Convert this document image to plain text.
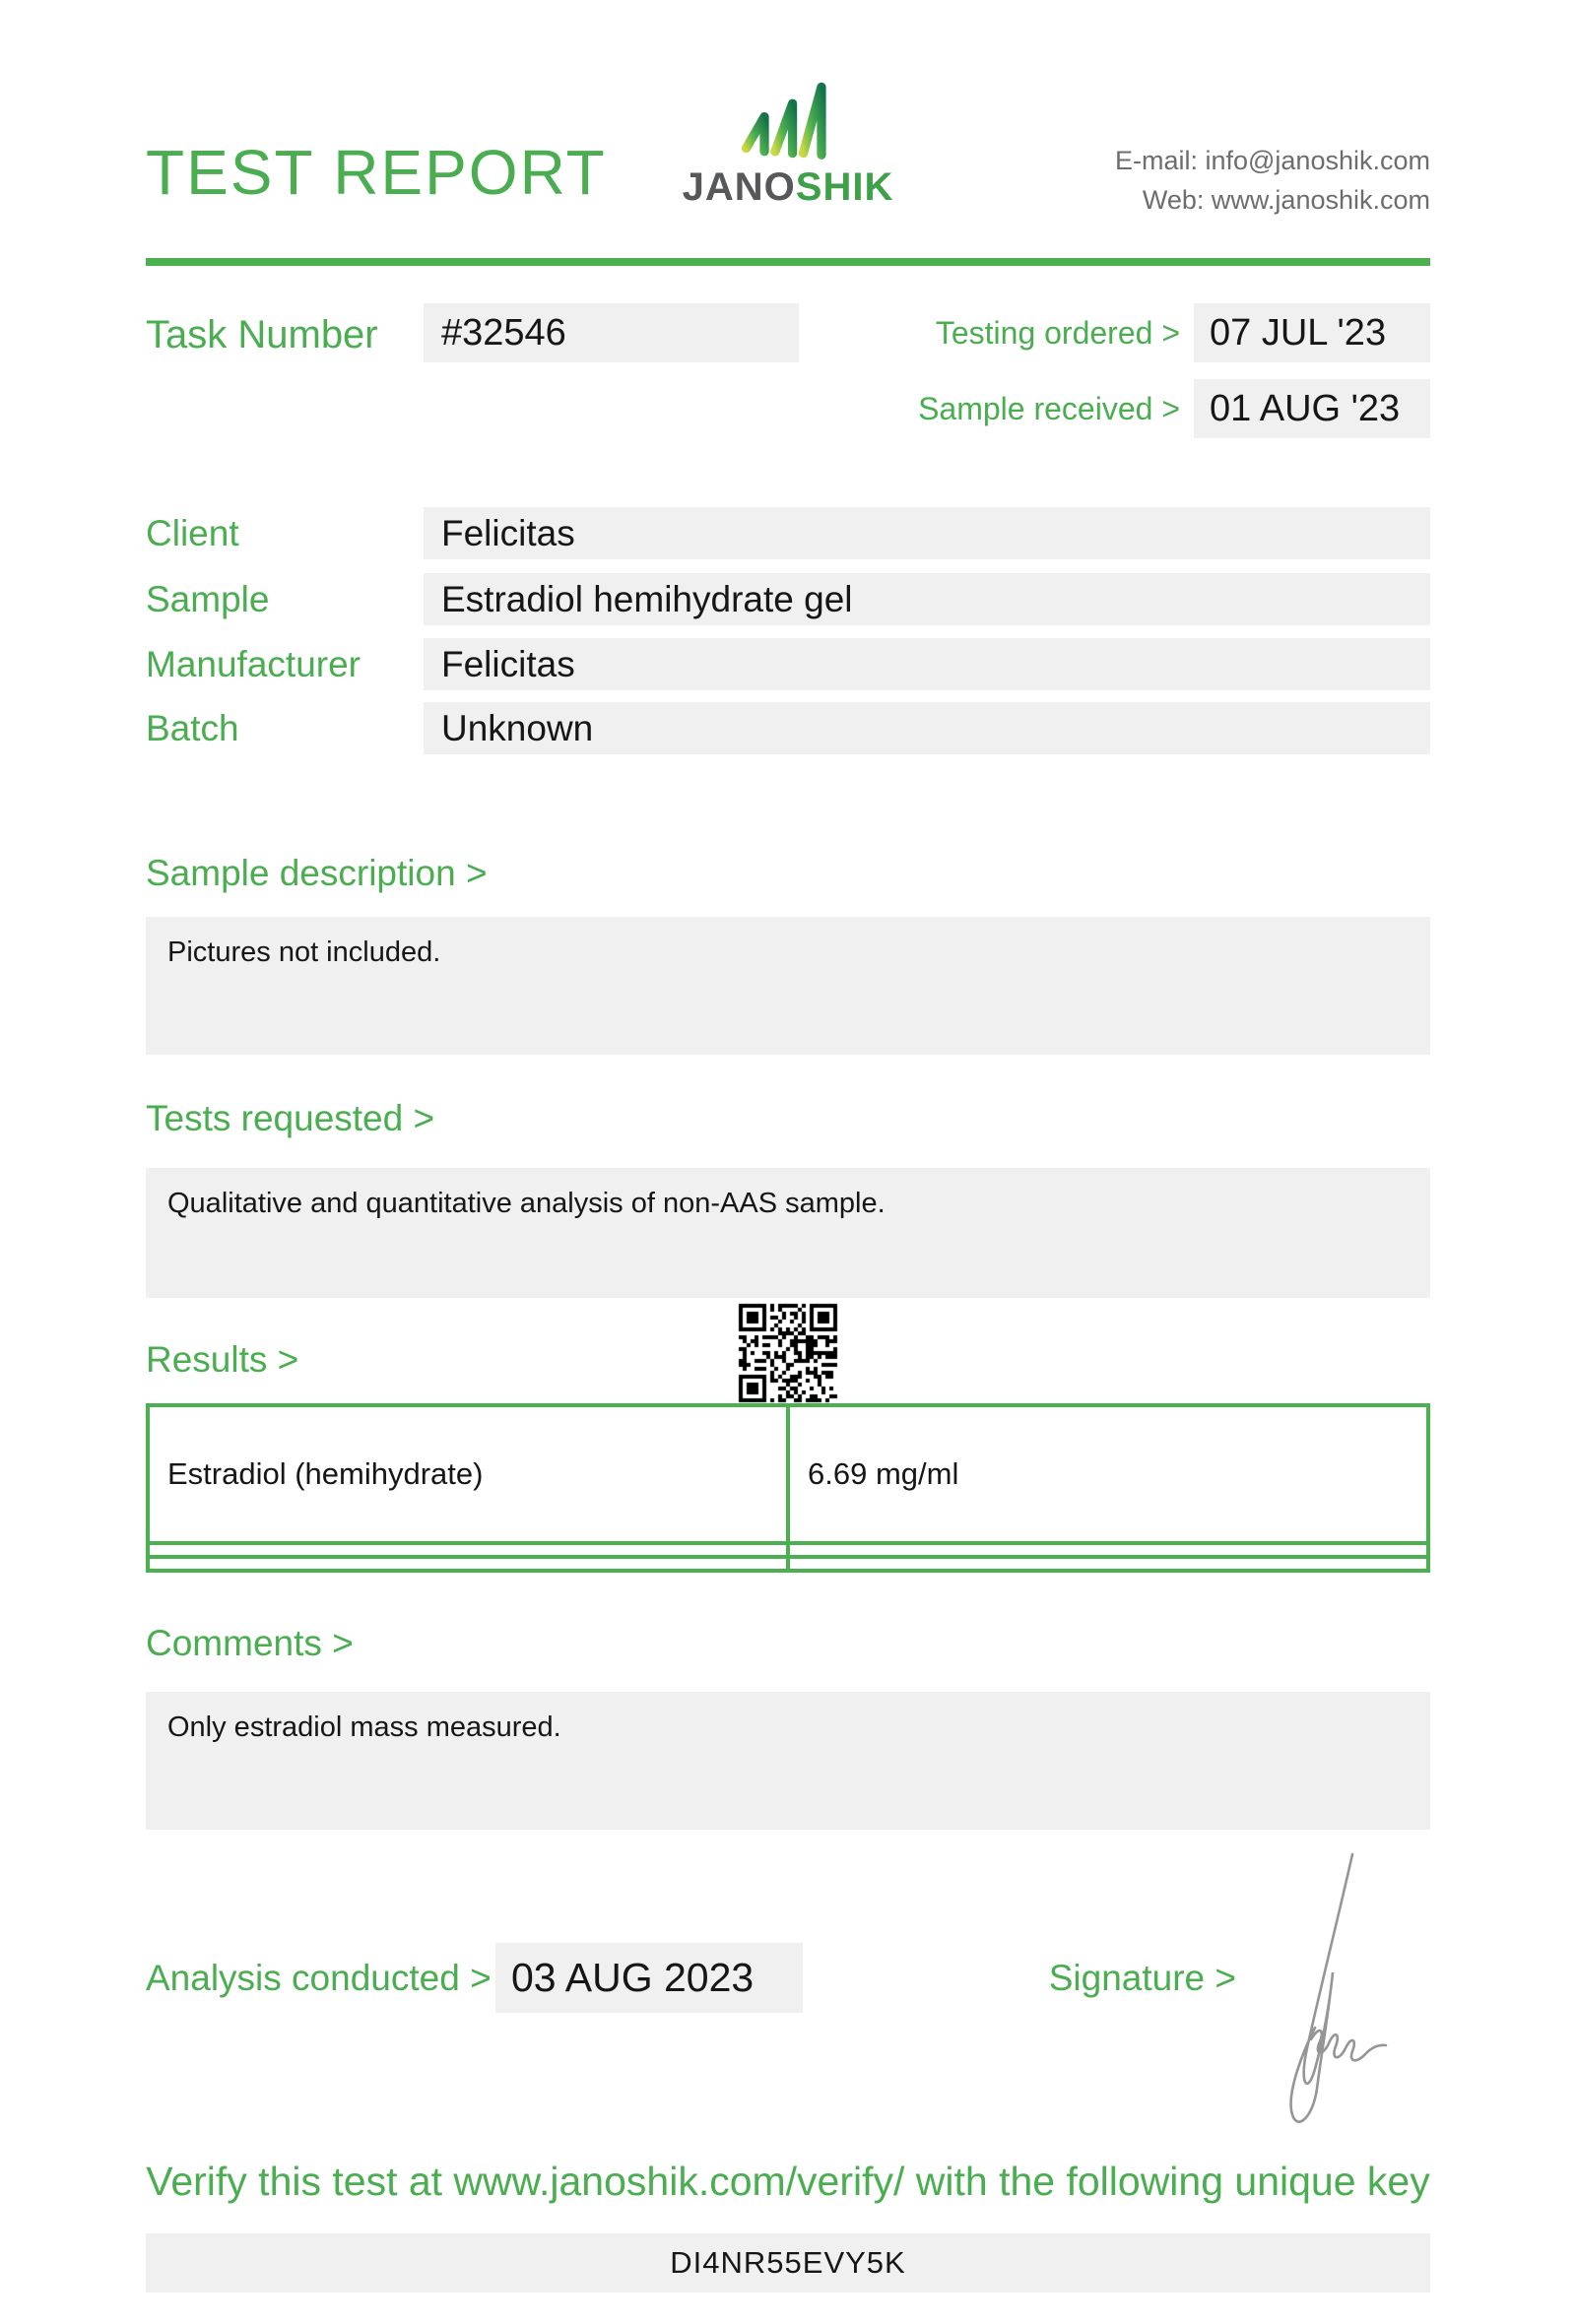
TEST REPORT JANOSHIK
E-mail: info@janoshik.com
Web: www.janoshik.com
Task Number	#32546	Testing ordered > 07 JUL '23
Sample received > 01 AUG '23
Client	Felicitas
Sample	Estradiol hemihydrate gel
Manufacturer	Felicitas
Batch	Unknown
Sample description >
Pictures not included.
Tests requested >
Qualitative and quantitative analysis of non-AAS sample.
Results >
Estradiol (hemihydrate)	6.69 mg/ml

Comments >
Only estradiol mass measured.
Analysis conducted > 03 AUG 2023	Signature >
Verify this test at www.janoshik.com/verify/ with the following unique key
DI4NR55EVY5K
